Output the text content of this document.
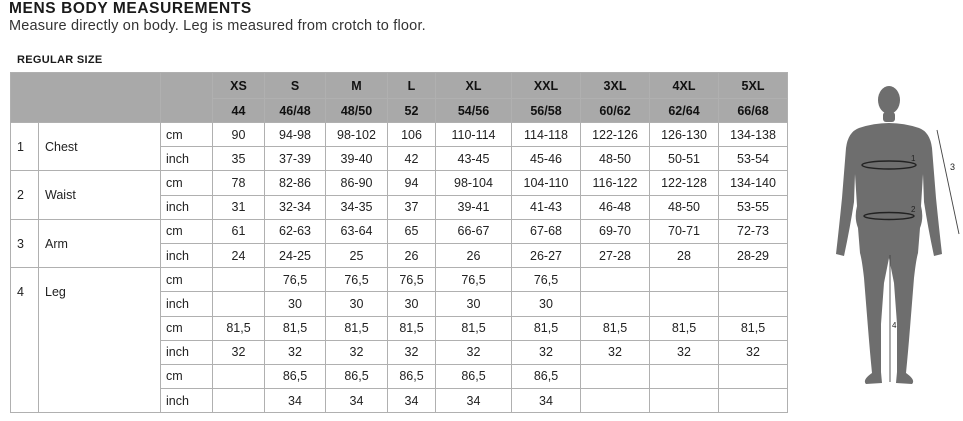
MENS BODY MEASUREMENTS
Measure directly on body. Leg is measured from crotch to floor.
REGULAR SIZE
			XS	S	M	L	XL	XXL	3XL	4XL	5XL
			44	46/48	48/50	52	54/56	56/58	60/62	62/64	66/68
1	Chest	cm	90	94-98	98-102	106	110-114	114-118	122-126	126-130	134-138
		inch	35	37-39	39-40	42	43-45	45-46	48-50	50-51	53-54
2	Waist	cm	78	82-86	86-90	94	98-104	104-110	116-122	122-128	134-140
		inch	31	32-34	34-35	37	39-41	41-43	46-48	48-50	53-55
3	Arm	cm	61	62-63	63-64	65	66-67	67-68	69-70	70-71	72-73
		inch	24	24-25	25	26	26	26-27	27-28	28	28-29
4	Leg	cm		76,5	76,5	76,5	76,5	76,5			
		inch		30	30	30	30	30			
		cm	81,5	81,5	81,5	81,5	81,5	81,5	81,5	81,5	81,5
		inch	32	32	32	32	32	32	32	32	32
		cm		86,5	86,5	86,5	86,5	86,5			
		inch		34	34	34	34	34			
1
2
3
4
